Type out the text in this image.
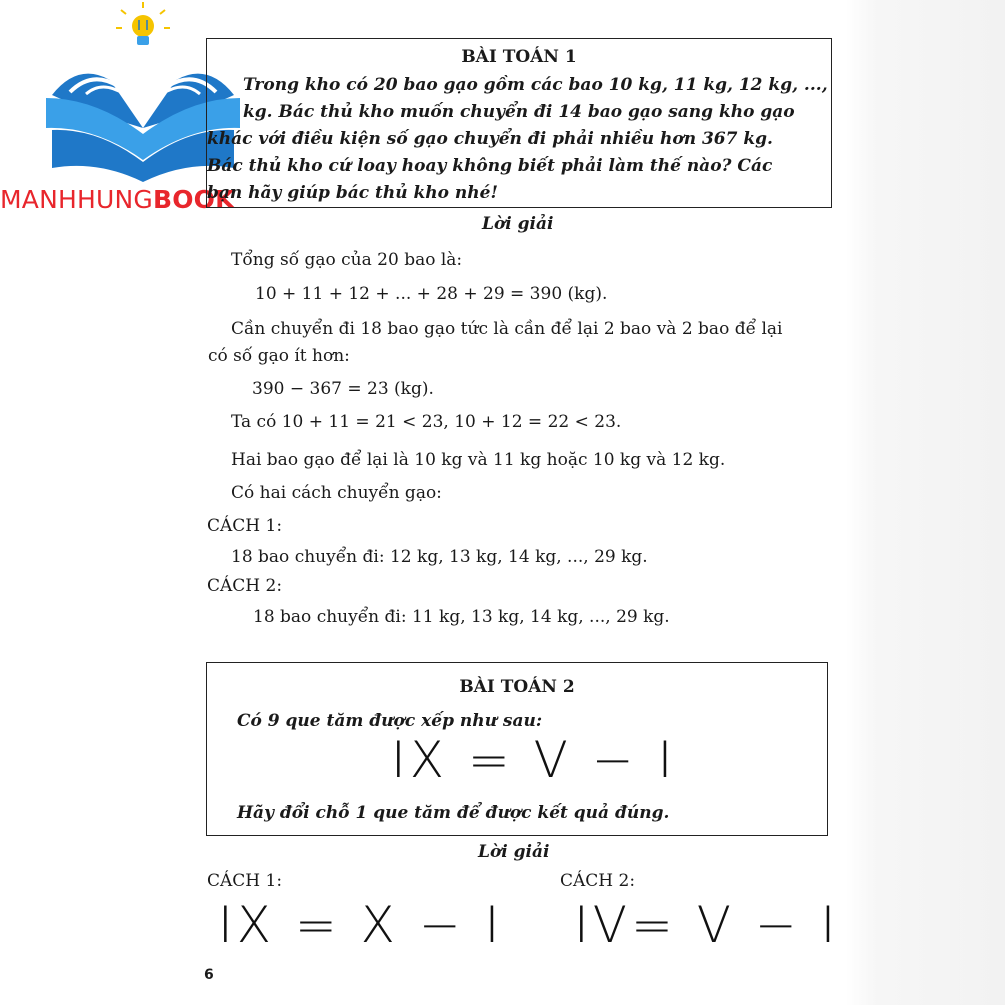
MANHHUNGBOOK
BÀI TOÁN 1
Trong kho có 20 bao gạo gồm các bao 10 kg, 11 kg, 12 kg, ...,
kg. Bác thủ kho muốn chuyển đi 14 bao gạo sang kho gạo
khác với điều kiện số gạo chuyển đi phải nhiều hơn 367 kg.
Bác thủ kho cứ loay hoay không biết phải làm thế nào? Các
bạn hãy giúp bác thủ kho nhé!
Lời giải
Tổng số gạo của 20 bao là:
10 + 11 + 12 + ... + 28 + 29 = 390 (kg).
Cần chuyển đi 18 bao gạo tức là cần để lại 2 bao và 2 bao để lại
có số gạo ít hơn:
390 − 367 = 23 (kg).
Ta có 10 + 11 = 21 < 23, 10 + 12 = 22 < 23.
Hai bao gạo để lại là 10 kg và 11 kg hoặc 10 kg và 12 kg.
Có hai cách chuyển gạo:
CÁCH 1:
18 bao chuyển đi: 12 kg, 13 kg, 14 kg, ..., 29 kg.
CÁCH 2:
18 bao chuyển đi: 11 kg, 13 kg, 14 kg, ..., 29 kg.
BÀI TOÁN 2
Có 9 que tăm được xếp như sau:
IX = V − I
Hãy đổi chỗ 1 que tăm để được kết quả đúng.
Lời giải
CÁCH 1:	CÁCH 2:
IX = X − I IV= V − I
6
